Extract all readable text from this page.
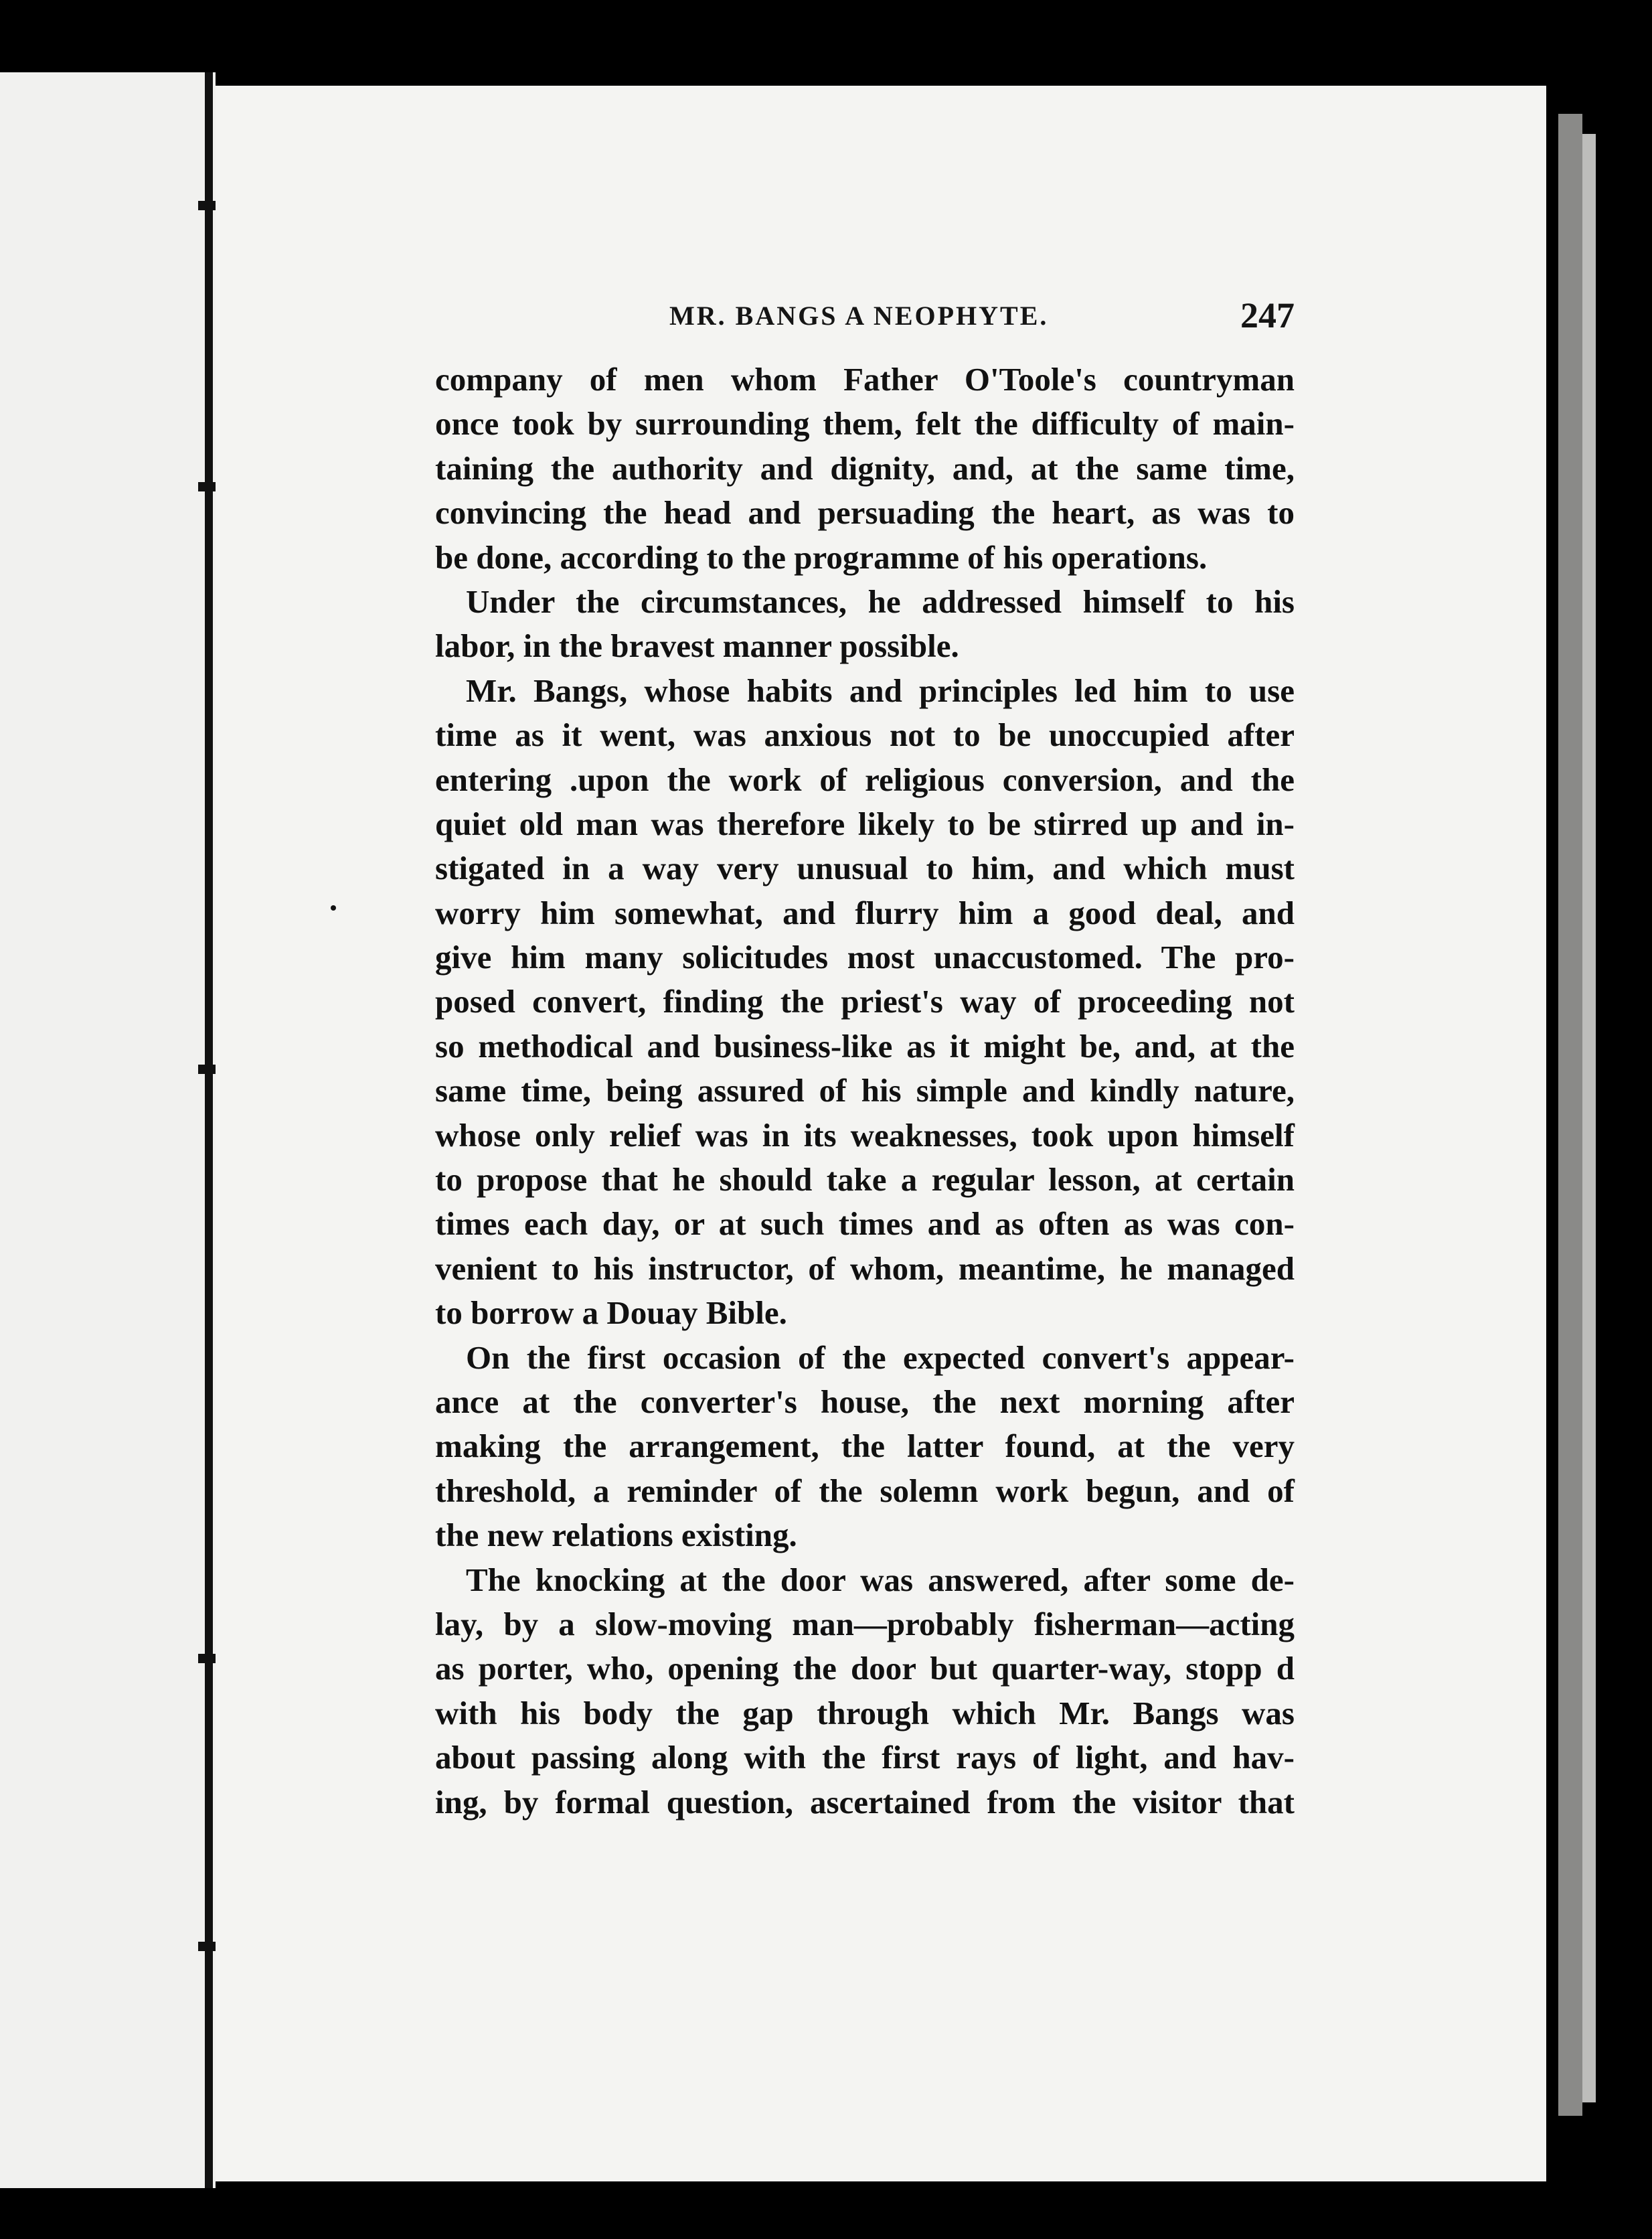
MR. BANGS A NEOPHYTE.	247
company of men whom Father O'Toole's countryman
once took by surrounding them, felt the difficulty of main-
taining the authority and dignity, and, at the same time,
convincing the head and persuading the heart, as was to
be done, according to the programme of his operations.
Under the circumstances, he addressed himself to his
labor, in the bravest manner possible.
Mr. Bangs, whose habits and principles led him to use
time as it went, was anxious not to be unoccupied after
entering .upon the work of religious conversion, and the
quiet old man was therefore likely to be stirred up and in-
stigated in a way very unusual to him, and which must
worry him somewhat, and flurry him a good deal, and
give him many solicitudes most unaccustomed. The pro-
posed convert, finding the priest's way of proceeding not
so methodical and business-like as it might be, and, at the
same time, being assured of his simple and kindly nature,
whose only relief was in its weaknesses, took upon himself
to propose that he should take a regular lesson, at certain
times each day, or at such times and as often as was con-
venient to his instructor, of whom, meantime, he managed
to borrow a Douay Bible.
On the first occasion of the expected convert's appear-
ance at the converter's house, the next morning after
making the arrangement, the latter found, at the very
threshold, a reminder of the solemn work begun, and of
the new relations existing.
The knocking at the door was answered, after some de-
lay, by a slow-moving man—probably fisherman—acting
as porter, who, opening the door but quarter-way, stopp d
with his body the gap through which Mr. Bangs was
about passing along with the first rays of light, and hav-
ing, by formal question, ascertained from the visitor that
